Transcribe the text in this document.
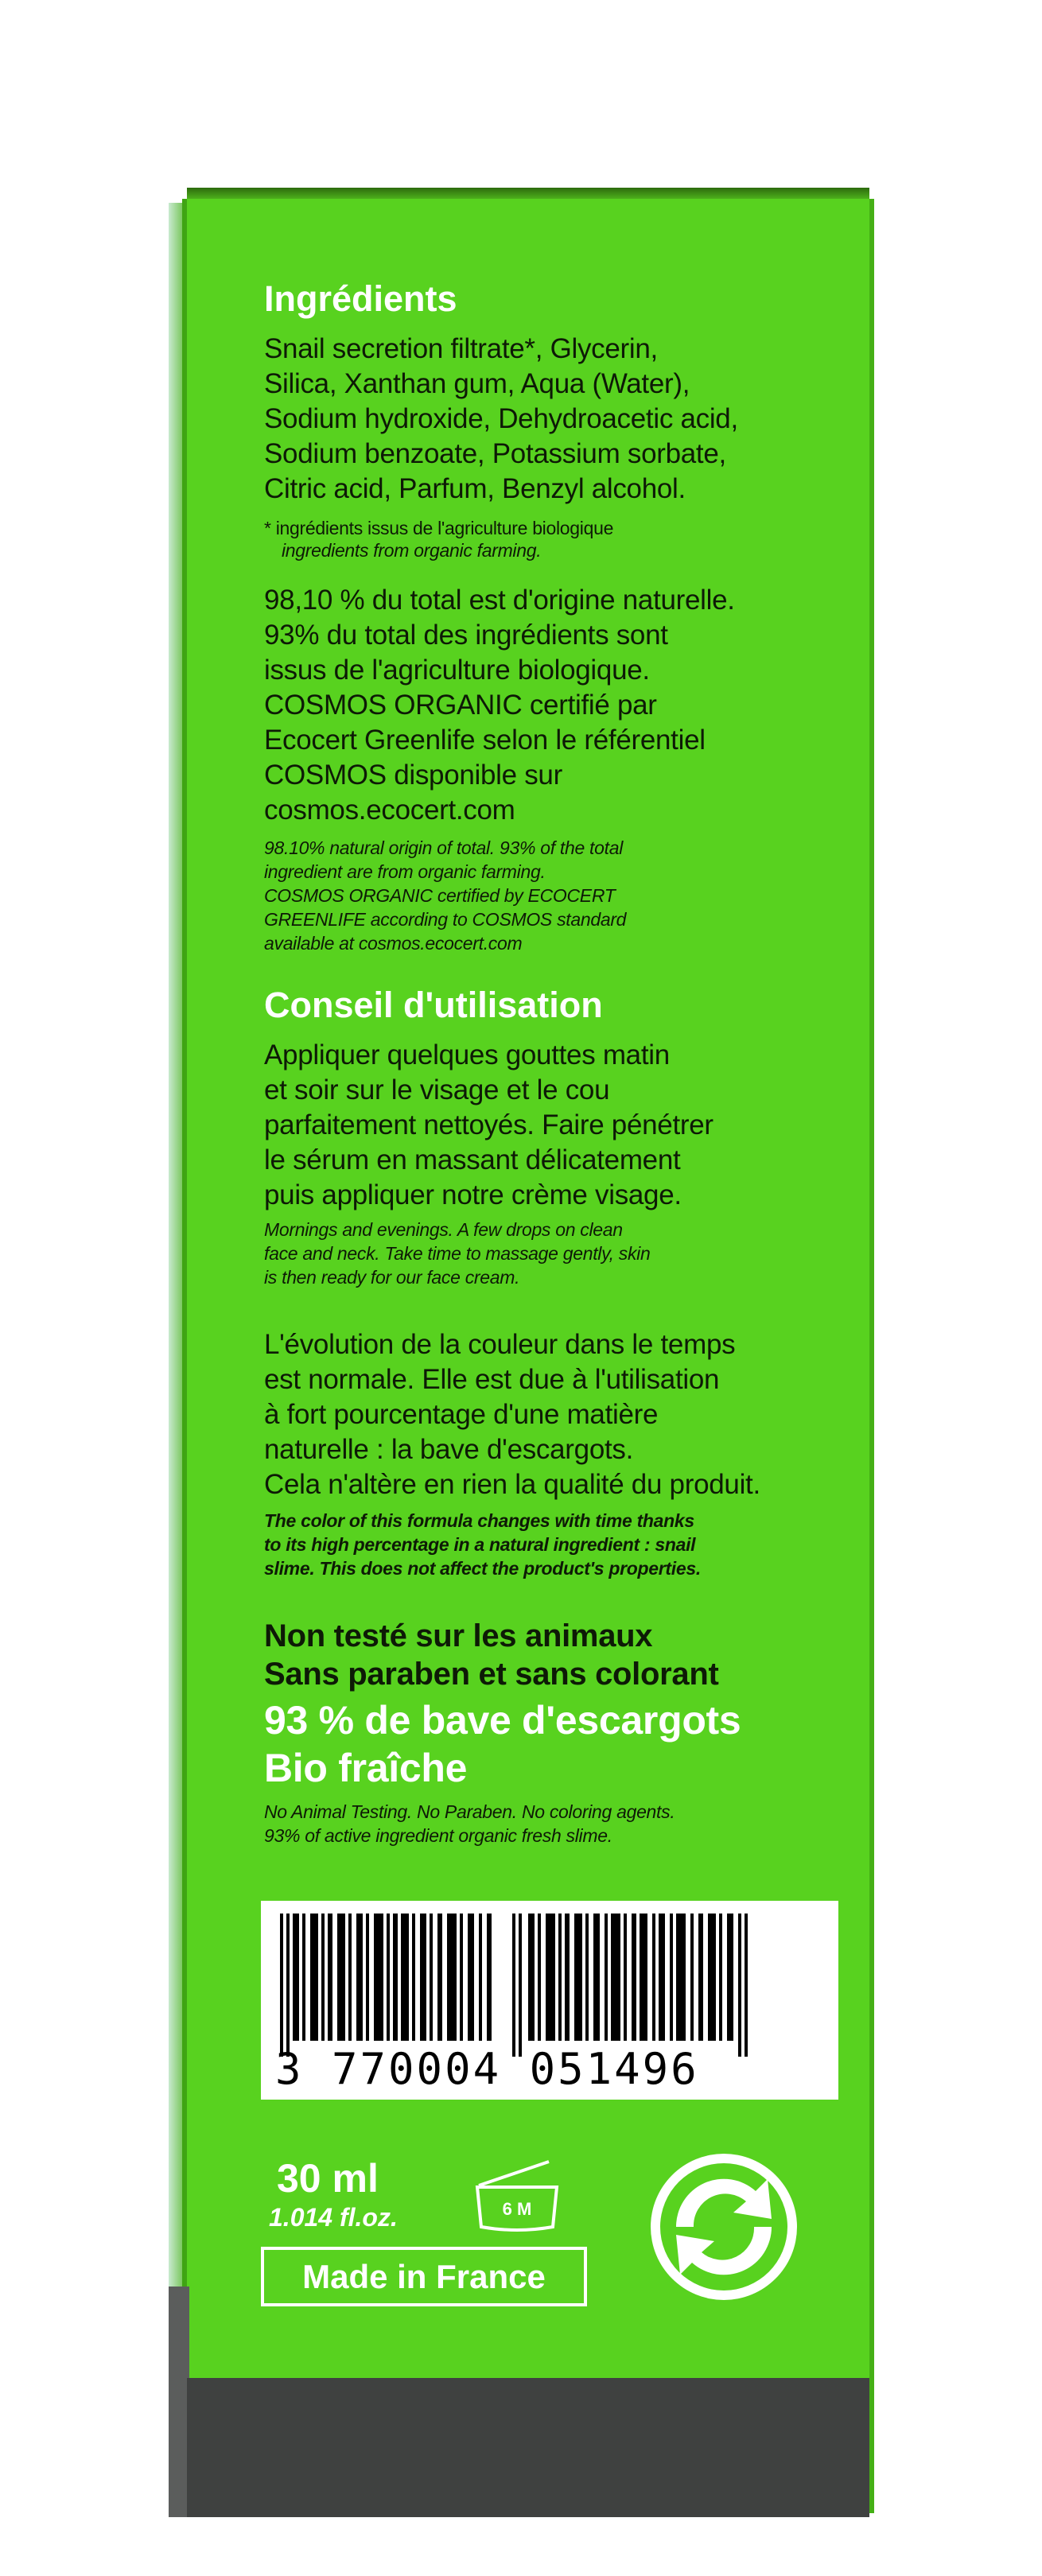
Ingrédients

Snail secretion filtrate*, Glycerin,

Silica, Xanthan gum, Aqua (Water),

Sodium hydroxide, Dehydroacetic acid,

Sodium benzoate, Potassium sorbate,

Citric acid, Parfum, Benzyl alcohol.

* ingrédients issus de l'agriculture biologique

ingredients from organic farming.

98,10 % du total est d'origine naturelle.

93% du total des ingrédients sont

issus de l'agriculture biologique.

COSMOS ORGANIC certifié par

Ecocert Greenlife selon le référentiel

COSMOS disponible sur

cosmos.ecocert.com

98.10% natural origin of total. 93% of the total

ingredient are from organic farming.

COSMOS ORGANIC certified by ECOCERT

GREENLIFE according to COSMOS standard

available at cosmos.ecocert.com

Conseil d'utilisation

Appliquer quelques gouttes matin

et soir sur le visage et le cou

parfaitement nettoyés. Faire pénétrer

le sérum en massant délicatement

puis appliquer notre crème visage.

Mornings and evenings. A few drops on clean

face and neck. Take time to massage gently, skin

is then ready for our face cream.

L'évolution de la couleur dans le temps

est normale. Elle est due à l'utilisation

à fort pourcentage d'une matière

naturelle : la bave d'escargots.

Cela n'altère en rien la qualité du produit.

The color of this formula changes with time thanks

to its high percentage in a natural ingredient : snail

slime. This does not affect the product's properties.

Non testé sur les animaux

Sans paraben et sans colorant

93 % de bave d'escargots

Bio fraîche

No Animal Testing. No Paraben. No coloring agents.

93% of active ingredient organic fresh slime.

3 770004 051496
30 ml
1.014 fl.oz.	6 M
Made in France
